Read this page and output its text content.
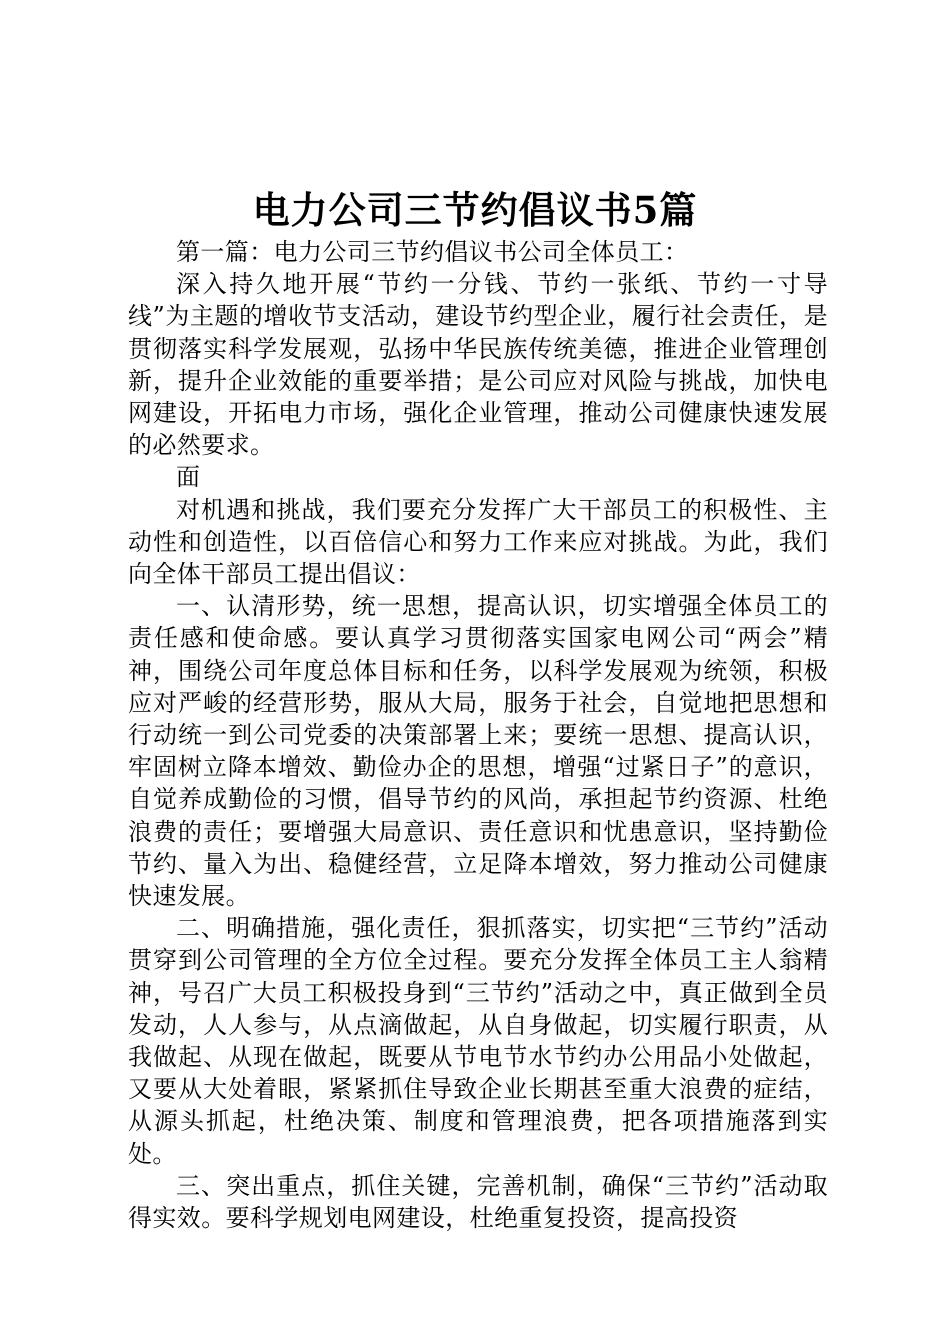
电力公司三节约倡议书5篇

第一篇：电力公司三节约倡议书公司全体员工：

深入持久地开展“节约一分钱、节约一张纸、节约一寸导线”为主题的增收节支活动，建设节约型企业，履行社会责任，是贯彻落实科学发展观，弘扬中华民族传统美德，推进企业管理创新，提升企业效能的重要举措；是公司应对风险与挑战，加快电网建设，开拓电力市场，强化企业管理，推动公司健康快速发展的必然要求。

面

对机遇和挑战，我们要充分发挥广大干部员工的积极性、主动性和创造性，以百倍信心和努力工作来应对挑战。为此，我们向全体干部员工提出倡议：

一、认清形势，统一思想，提高认识，切实增强全体员工的责任感和使命感。要认真学习贯彻落实国家电网公司“两会”精神，围绕公司年度总体目标和任务，以科学发展观为统领，积极应对严峻的经营形势，服从大局，服务于社会，自觉地把思想和行动统一到公司党委的决策部署上来；要统一思想、提高认识，牢固树立降本增效、勤俭办企的思想，增强“过紧日子”的意识，自觉养成勤俭的习惯，倡导节约的风尚，承担起节约资源、杜绝浪费的责任；要增强大局意识、责任意识和忧患意识，坚持勤俭节约、量入为出、稳健经营，立足降本增效，努力推动公司健康快速发展。

二、明确措施，强化责任，狠抓落实，切实把“三节约”活动贯穿到公司管理的全方位全过程。要充分发挥全体员工主人翁精神，号召广大员工积极投身到“三节约”活动之中，真正做到全员发动，人人参与，从点滴做起，从自身做起，切实履行职责，从我做起、从现在做起，既要从节电节水节约办公用品小处做起，又要从大处着眼，紧紧抓住导致企业长期甚至重大浪费的症结，从源头抓起，杜绝决策、制度和管理浪费，把各项措施落到实处。

三、突出重点，抓住关键，完善机制，确保“三节约”活动取得实效。要科学规划电网建设，杜绝重复投资，提高投资
